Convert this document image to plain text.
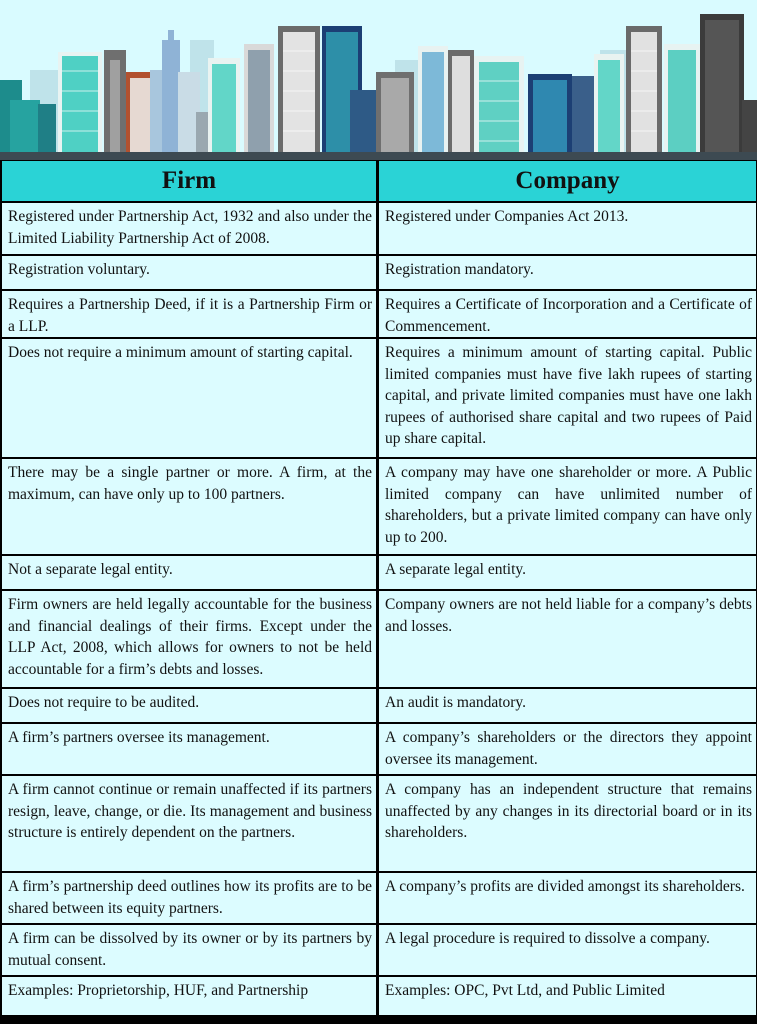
Firm	Company
Registered under Partnership Act, 1932 and also under the Limited Liability Partnership Act of 2008.	Registered under Companies Act 2013.
Registration voluntary.	Registration mandatory.
Requires a Partnership Deed, if it is a Partnership Firm or a LLP.	Requires a Certificate of Incorporation and a Certificate of Commencement.
Does not require a minimum amount of starting capital.	Requires a minimum amount of starting capital. Public limited companies must have five lakh rupees of starting capital, and private limited companies must have one lakh rupees of authorised share capital and two rupees of Paid up share capital.
There may be a single partner or more. A firm, at the maximum, can have only up to 100 partners.	A company may have one shareholder or more. A Public limited company can have unlimited number of shareholders, but a private limited company can have only up to 200.
Not a separate legal entity.	A separate legal entity.
Firm owners are held legally accountable for the business and financial dealings of their firms. Except under the LLP Act, 2008, which allows for owners to not be held accountable for a firm’s debts and losses.	Company owners are not held liable for a company’s debts and losses.
Does not require to be audited.	An audit is mandatory.
A firm’s partners oversee its management.	A company’s shareholders or the directors they appoint oversee its management.
A firm cannot continue or remain unaffected if its partners resign, leave, change, or die. Its management and business structure is entirely dependent on the partners.	A company has an independent structure that remains unaffected by any changes in its directorial board or in its shareholders.
A firm’s partnership deed outlines how its profits are to be shared between its equity partners.	A company’s profits are divided amongst its shareholders.
A firm can be dissolved by its owner or by its partners by mutual consent.	A legal procedure is required to dissolve a company.
Examples: Proprietorship, HUF, and Partnership	Examples: OPC, Pvt Ltd, and Public Limited
